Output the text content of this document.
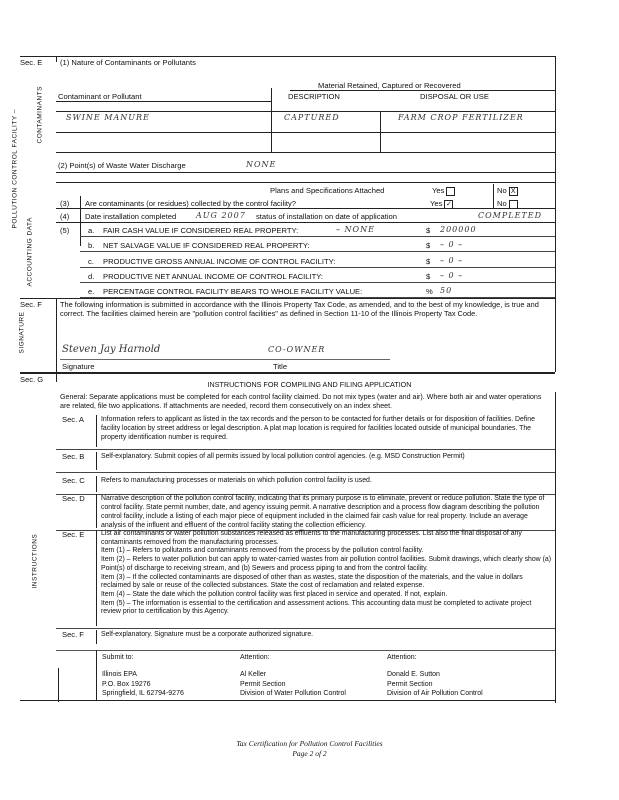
Sec. E (1) Nature of Contaminants or Pollutants
CONTAMINANTS
POLLUTION CONTROL FACILITY –
ACCOUNTING DATA
Material Retained, Captured or Recovered
Contaminant or Pollutant	DESCRIPTION	DISPOSAL OR USE
SWINE MANURE	CAPTURED	FARM CROP FERTILIZER
(2) Point(s) of Waste Water Discharge	NONE
Plans and Specifications Attached	Yes	No X
(3) Are contaminants (or residues) collected by the control facility?	Yes ✓	No
(4) Date installation completed AUG 2007 status of installation on date of application	COMPLETED
(5) a. FAIR CASH VALUE IF CONSIDERED REAL PROPERTY:	– NONE	$ 200000
b. NET SALVAGE VALUE IF CONSIDERED REAL PROPERTY:	$ – 0 –
c. PRODUCTIVE GROSS ANNUAL INCOME OF CONTROL FACILITY:	$ – 0 –
d. PRODUCTIVE NET ANNUAL INCOME OF CONTROL FACILITY:	$ – 0 –
e. PERCENTAGE CONTROL FACILITY BEARS TO WHOLE FACILITY VALUE:	% 50
Sec. F
SIGNATURE
The following information is submitted in accordance with the Illinois Property Tax Code, as amended, and to the best of my knowledge, is true and correct. The facilities claimed herein are "pollution control facilities" as defined in Section 11-10 of the Illinois Property Tax Code.
Steven Jay Harnold	CO-OWNER
Signature	Title
Sec. G
INSTRUCTIONS FOR COMPILING AND FILING APPLICATION
General: Separate applications must be completed for each control facility claimed. Do not mix types (water and air). Where both air and water operations are related, file two applications. If attachments are needed, record them consecutively on an index sheet.
INSTRUCTIONS
Sec. A Information refers to applicant as listed in the tax records and the person to be contacted for further details or for disposition of facilities. Define facility location by street address or legal description. A plat map location is required for facilities located outside of municipal boundaries. The property identification number is required.
Sec. B Self-explanatory. Submit copies of all permits issued by local pollution control agencies. (e.g. MSD Construction Permit)
Sec. C Refers to manufacturing processes or materials on which pollution control facility is used.
Sec. D Narrative description of the pollution control facility, indicating that its primary purpose is to eliminate, prevent or reduce pollution. State the type of control facility. State permit number, date, and agency issuing permit. A narrative description and a process flow diagram describing the pollution control facility, include a listing of each major piece of equipment included in the claimed fair cash value for real property. Include an average analysis of the influent and effluent of the control facility stating the collection efficiency.
Sec. E List air contaminants or water pollution substances released as effluents to the manufacturing processes. List also the final disposal of any contaminants removed from the manufacturing processes.
Item (1) – Refers to pollutants and contaminants removed from the process by the pollution control facility.
Item (2) – Refers to water pollution but can apply to water-carried wastes from air pollution control facilities. Submit drawings, which clearly show (a) Point(s) of discharge to receiving stream, and (b) Sewers and process piping to and from the control facility.
Item (3) – If the collected contaminants are disposed of other than as wastes, state the disposition of the materials, and the value in dollars reclaimed by sale or reuse of the collected substances. State the cost of reclamation and related expense.
Item (4) – State the date which the pollution control facility was first placed in service and operated. If not, explain.
Item (5) – The information is essential to the certification and assessment actions. This accounting data must be completed to activate project review prior to certification by this Agency.
Sec. F Self-explanatory. Signature must be a corporate authorized signature.
Submit to:
Illinois EPA
P.O. Box 19276
Springfield, IL 62794-9276
Attention:
Al Keller
Permit Section
Division of Water Pollution Control
Attention:
Donald E. Sutton
Permit Section
Division of Air Pollution Control
Tax Certification for Pollution Control Facilities
Page 2 of 2
